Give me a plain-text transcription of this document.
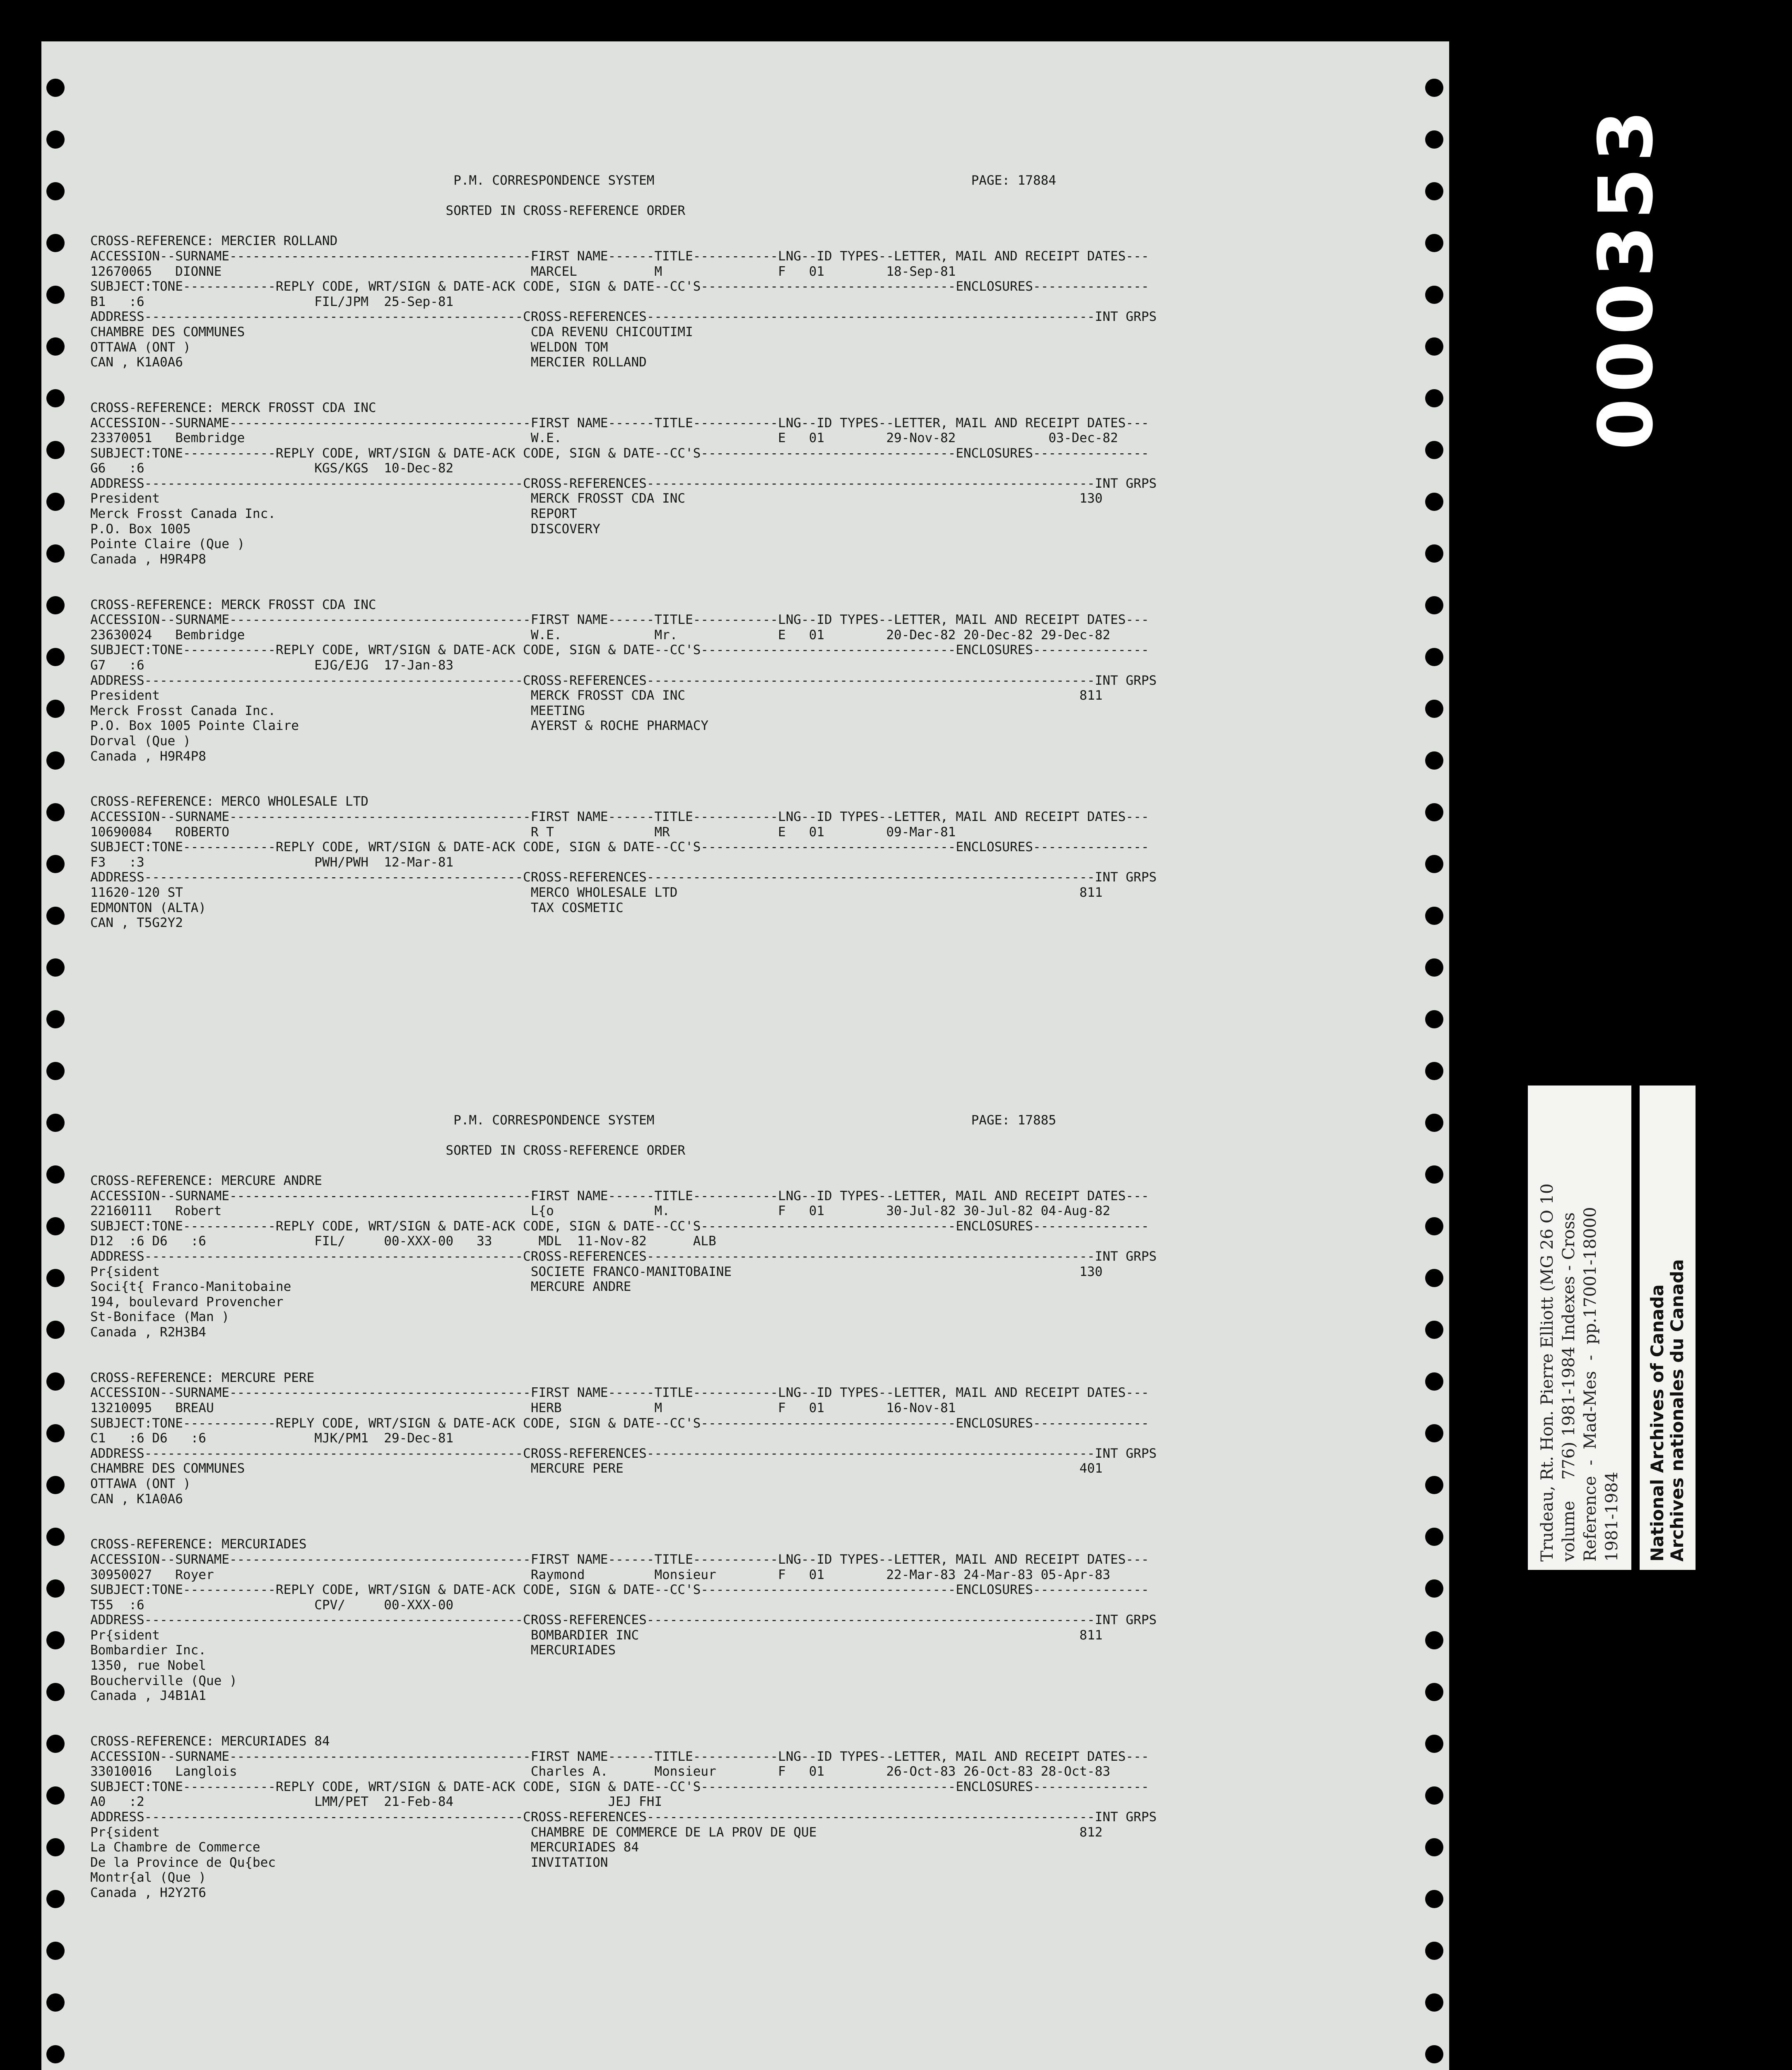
P.M. CORRESPONDENCE SYSTEM                                         PAGE: 17884
SORTED IN CROSS-REFERENCE ORDER
CROSS-REFERENCE: MERCIER ROLLAND
ACCESSION--SURNAME---------------------------------------FIRST NAME------TITLE-----------LNG--ID TYPES--LETTER, MAIL AND RECEIPT DATES---
12670065   DIONNE                                        MARCEL          M               F   01        18-Sep-81
SUBJECT:TONE------------REPLY CODE, WRT/SIGN & DATE-ACK CODE, SIGN & DATE--CC'S---------------------------------ENCLOSURES---------------
B1   :6                      FIL/JPM  25-Sep-81
ADDRESS-------------------------------------------------CROSS-REFERENCES----------------------------------------------------------INT GRPS
CHAMBRE DES COMMUNES                                     CDA REVENU CHICOUTIMI
OTTAWA (ONT )                                            WELDON TOM
CAN , K1A0A6                                             MERCIER ROLLAND
CROSS-REFERENCE: MERCK FROSST CDA INC
ACCESSION--SURNAME---------------------------------------FIRST NAME------TITLE-----------LNG--ID TYPES--LETTER, MAIL AND RECEIPT DATES---
23370051   Bembridge                                     W.E.                            E   01        29-Nov-82            03-Dec-82
SUBJECT:TONE------------REPLY CODE, WRT/SIGN & DATE-ACK CODE, SIGN & DATE--CC'S---------------------------------ENCLOSURES---------------
G6   :6                      KGS/KGS  10-Dec-82
ADDRESS-------------------------------------------------CROSS-REFERENCES----------------------------------------------------------INT GRPS
President                                                MERCK FROSST CDA INC                                                   130
Merck Frosst Canada Inc.                                 REPORT
P.O. Box 1005                                            DISCOVERY
Pointe Claire (Que )
Canada , H9R4P8
CROSS-REFERENCE: MERCK FROSST CDA INC
ACCESSION--SURNAME---------------------------------------FIRST NAME------TITLE-----------LNG--ID TYPES--LETTER, MAIL AND RECEIPT DATES---
23630024   Bembridge                                     W.E.            Mr.             E   01        20-Dec-82 20-Dec-82 29-Dec-82
SUBJECT:TONE------------REPLY CODE, WRT/SIGN & DATE-ACK CODE, SIGN & DATE--CC'S---------------------------------ENCLOSURES---------------
G7   :6                      EJG/EJG  17-Jan-83
ADDRESS-------------------------------------------------CROSS-REFERENCES----------------------------------------------------------INT GRPS
President                                                MERCK FROSST CDA INC                                                   811
Merck Frosst Canada Inc.                                 MEETING
P.O. Box 1005 Pointe Claire                              AYERST & ROCHE PHARMACY
Dorval (Que )
Canada , H9R4P8
CROSS-REFERENCE: MERCO WHOLESALE LTD
ACCESSION--SURNAME---------------------------------------FIRST NAME------TITLE-----------LNG--ID TYPES--LETTER, MAIL AND RECEIPT DATES---
10690084   ROBERTO                                       R T             MR              E   01        09-Mar-81
SUBJECT:TONE------------REPLY CODE, WRT/SIGN & DATE-ACK CODE, SIGN & DATE--CC'S---------------------------------ENCLOSURES---------------
F3   :3                      PWH/PWH  12-Mar-81
ADDRESS-------------------------------------------------CROSS-REFERENCES----------------------------------------------------------INT GRPS
11620-120 ST                                             MERCO WHOLESALE LTD                                                    811
EDMONTON (ALTA)                                          TAX COSMETIC
CAN , T5G2Y2
P.M. CORRESPONDENCE SYSTEM                                         PAGE: 17885
SORTED IN CROSS-REFERENCE ORDER
CROSS-REFERENCE: MERCURE ANDRE
ACCESSION--SURNAME---------------------------------------FIRST NAME------TITLE-----------LNG--ID TYPES--LETTER, MAIL AND RECEIPT DATES---
22160111   Robert                                        L{o             M.              F   01        30-Jul-82 30-Jul-82 04-Aug-82
SUBJECT:TONE------------REPLY CODE, WRT/SIGN & DATE-ACK CODE, SIGN & DATE--CC'S---------------------------------ENCLOSURES---------------
D12  :6 D6   :6              FIL/     00-XXX-00   33      MDL  11-Nov-82      ALB
ADDRESS-------------------------------------------------CROSS-REFERENCES----------------------------------------------------------INT GRPS
Pr{sident                                                SOCIETE FRANCO-MANITOBAINE                                             130
Soci{t{ Franco-Manitobaine                               MERCURE ANDRE
194, boulevard Provencher
St-Boniface (Man )
Canada , R2H3B4
CROSS-REFERENCE: MERCURE PERE
ACCESSION--SURNAME---------------------------------------FIRST NAME------TITLE-----------LNG--ID TYPES--LETTER, MAIL AND RECEIPT DATES---
13210095   BREAU                                         HERB            M               F   01        16-Nov-81
SUBJECT:TONE------------REPLY CODE, WRT/SIGN & DATE-ACK CODE, SIGN & DATE--CC'S---------------------------------ENCLOSURES---------------
C1   :6 D6   :6              MJK/PM1  29-Dec-81
ADDRESS-------------------------------------------------CROSS-REFERENCES----------------------------------------------------------INT GRPS
CHAMBRE DES COMMUNES                                     MERCURE PERE                                                           401
OTTAWA (ONT )
CAN , K1A0A6
CROSS-REFERENCE: MERCURIADES
ACCESSION--SURNAME---------------------------------------FIRST NAME------TITLE-----------LNG--ID TYPES--LETTER, MAIL AND RECEIPT DATES---
30950027   Royer                                         Raymond         Monsieur        F   01        22-Mar-83 24-Mar-83 05-Apr-83
SUBJECT:TONE------------REPLY CODE, WRT/SIGN & DATE-ACK CODE, SIGN & DATE--CC'S---------------------------------ENCLOSURES---------------
T55  :6                      CPV/     00-XXX-00
ADDRESS-------------------------------------------------CROSS-REFERENCES----------------------------------------------------------INT GRPS
Pr{sident                                                BOMBARDIER INC                                                         811
Bombardier Inc.                                          MERCURIADES
1350, rue Nobel
Boucherville (Que )
Canada , J4B1A1
CROSS-REFERENCE: MERCURIADES 84
ACCESSION--SURNAME---------------------------------------FIRST NAME------TITLE-----------LNG--ID TYPES--LETTER, MAIL AND RECEIPT DATES---
33010016   Langlois                                      Charles A.      Monsieur        F   01        26-Oct-83 26-Oct-83 28-Oct-83
SUBJECT:TONE------------REPLY CODE, WRT/SIGN & DATE-ACK CODE, SIGN & DATE--CC'S---------------------------------ENCLOSURES---------------
A0   :2                      LMM/PET  21-Feb-84                    JEJ FHI
ADDRESS-------------------------------------------------CROSS-REFERENCES----------------------------------------------------------INT GRPS
Pr{sident                                                CHAMBRE DE COMMERCE DE LA PROV DE QUE                                  812
La Chambre de Commerce                                   MERCURIADES 84
De la Province de Qu{bec                                 INVITATION
Montr{al (Que )
Canada , H2Y2T6
000353
Trudeau, Rt. Hon. Pierre Elliott (MG 26 O 10 volume    776) 1981-1984 Indexes - Cross Reference  -  Mad-Mes  -  pp.17001-18000 1981-1984 National Archives of Canada Archives nationales du Canada
